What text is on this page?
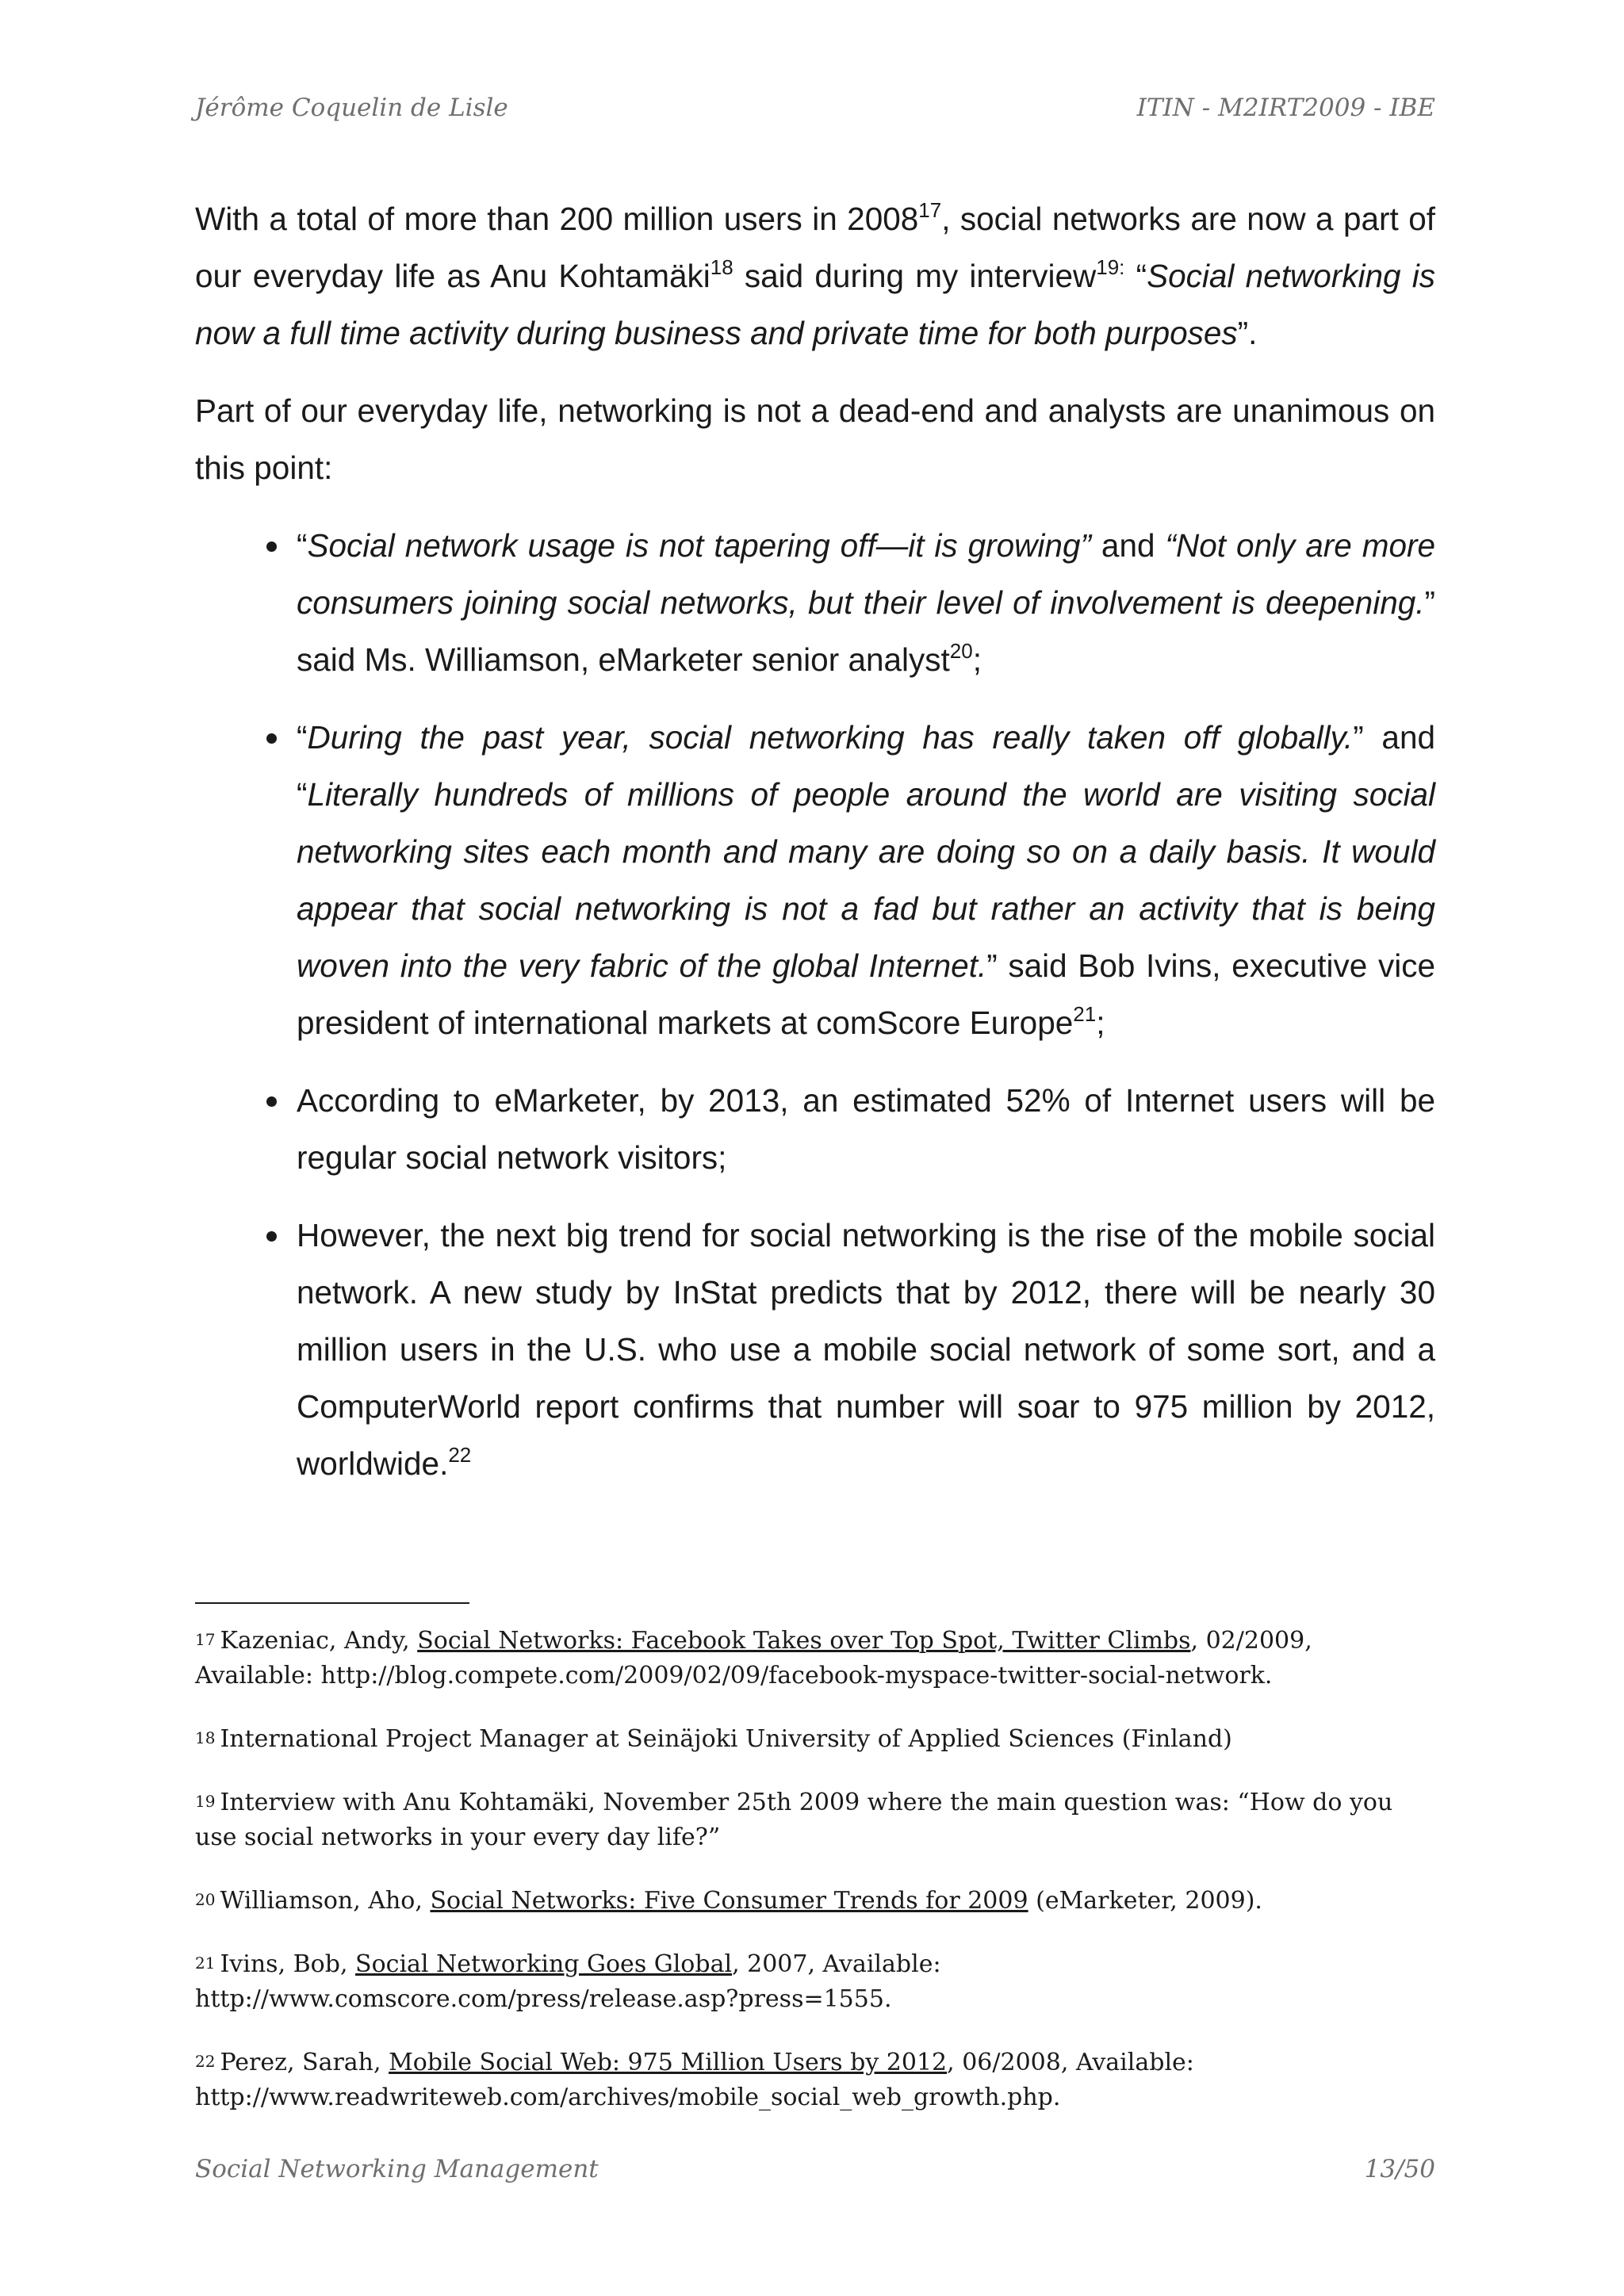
Jérôme Coquelin de Lisle	ITIN - M2IRT2009 - IBE

With a total of more than 200 million users in 2008$^{17}$, social networks are now a part of our everyday life as Anu Kohtamäki$^{18}$ said during my interview$^{19:}$ “Social networking is now a full time activity during business and private time for both purposes”.

Part of our everyday life, networking is not a dead-end and analysts are unanimous on this point:

“Social network usage is not tapering off—it is growing” and “Not only are more consumers joining social networks, but their level of involvement is deepening.” said Ms. Williamson, eMarketer senior analyst$^{20}$;
“During the past year, social networking has really taken off globally.” and “Literally hundreds of millions of people around the world are visiting social networking sites each month and many are doing so on a daily basis. It would appear that social networking is not a fad but rather an activity that is being woven into the very fabric of the global Internet.” said Bob Ivins, executive vice president of international markets at comScore Europe$^{21}$;
According to eMarketer, by 2013, an estimated 52% of Internet users will be regular social network visitors;
However, the next big trend for social networking is the rise of the mobile social network. A new study by InStat predicts that by 2012, there will be nearly 30 million users in the U.S. who use a mobile social network of some sort, and a ComputerWorld report confirms that number will soar to 975 million by 2012, worldwide.$^{22}$
$^{17}$ Kazeniac, Andy, Social Networks: Facebook Takes over Top Spot, Twitter Climbs, 02/2009, Available: http://blog.compete.com/2009/02/09/facebook-myspace-twitter-social-network.
$^{18}$ International Project Manager at Seinäjoki University of Applied Sciences (Finland)
$^{19}$ Interview with Anu Kohtamäki, November 25th 2009 where the main question was: “How do you use social networks in your every day life?”
$^{20}$ Williamson, Aho, Social Networks: Five Consumer Trends for 2009 (eMarketer, 2009).
$^{21}$ Ivins, Bob, Social Networking Goes Global, 2007, Available: http://www.comscore.com/press/release.asp?press=1555.
$^{22}$ Perez, Sarah, Mobile Social Web: 975 Million Users by 2012, 06/2008, Available: http://www.readwriteweb.com/archives/mobile_social_web_growth.php.
Social Networking Management	13/50
